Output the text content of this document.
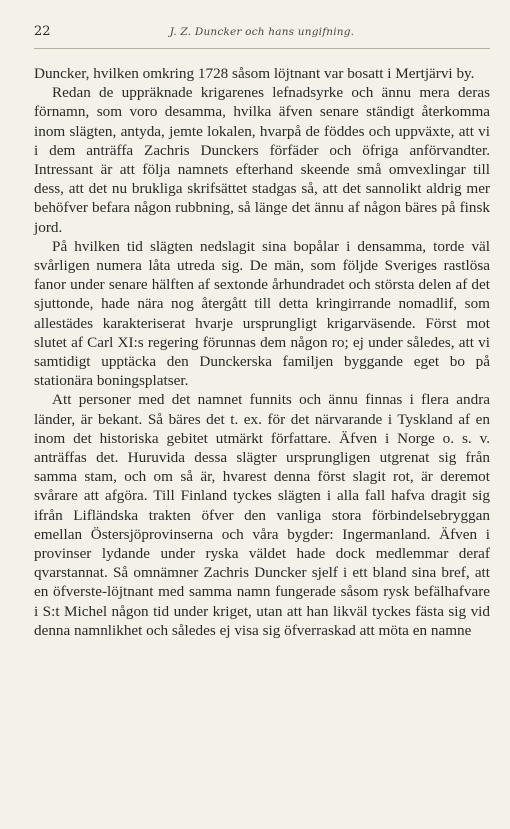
22	J. Z. Duncker och hans ungifning.

Duncker, hvilken omkring 1728 såsom löjtnant var bosatt i Mertjärvi by.

Redan de uppräknade krigarenes lefnadsyrke och ännu mera deras förnamn, som voro desamma, hvilka äfven senare ständigt återkomma inom slägten, antyda, jemte lokalen, hvarpå de föddes och uppväxte, att vi i dem anträffa Zachris Dunckers förfäder och öfriga anförvandter. Intressant är att följa namnets efterhand skeende små omvexlingar till dess, att det nu brukliga skrifsättet stadgas så, att det sannolikt aldrig mer behöfver befara någon rubbning, så länge det ännu af någon bäres på finsk jord.

På hvilken tid slägten nedslagit sina bopålar i densamma, torde väl svårligen numera låta utreda sig. De män, som följde Sveriges rastlösa fanor under senare hälften af sextonde århundradet och största delen af det sjuttonde, hade nära nog återgått till detta kringirrande nomadlif, som allestädes karakteriserat hvarje ursprungligt krigarväsende. Först mot slutet af Carl XI:s regering förunnas dem någon ro; ej under således, att vi samtidigt upptäcka den Dunckerska familjen byggande eget bo på stationära boningsplatser.

Att personer med det namnet funnits och ännu finnas i flera andra länder, är bekant. Så bäres det t. ex. för det närvarande i Tyskland af en inom det historiska gebitet utmärkt författare. Äfven i Norge o. s. v. anträffas det. Huruvida dessa slägter ursprungligen utgrenat sig från samma stam, och om så är, hvarest denna först slagit rot, är deremot svårare att afgöra. Till Finland tyckes slägten i alla fall hafva dragit sig ifrån Lifländska trakten öfver den vanliga stora förbindelsebryggan emellan Östersjöprovinserna och våra bygder: Ingermanland. Äfven i provinser lydande under ryska väldet hade dock medlemmar deraf qvarstannat. Så omnämner Zachris Duncker sjelf i ett bland sina bref, att en öfverste-löjtnant med samma namn fungerade såsom rysk befälhafvare i S:t Michel någon tid under kriget, utan att han likväl tyckes fästa sig vid denna namnlikhet och således ej visa sig öfverraskad att möta en namne
